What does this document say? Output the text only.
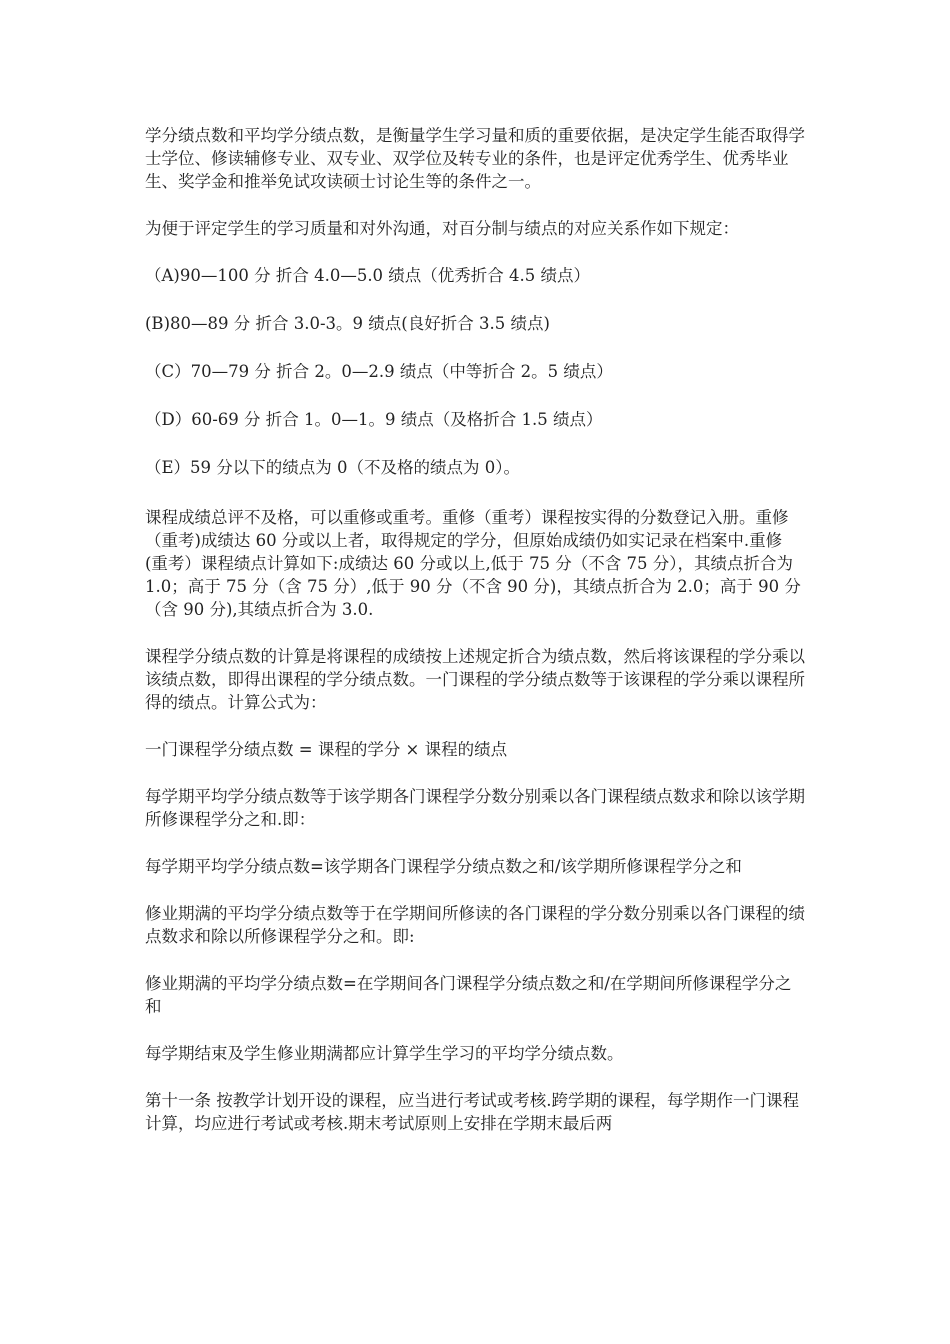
学分绩点数和平均学分绩点数，是衡量学生学习量和质的重要依据，是决定学生能否取得学士学位、修读辅修专业、双专业、双学位及转专业的条件，也是评定优秀学生、优秀毕业生、奖学金和推举免试攻读硕士讨论生等的条件之一。

为便于评定学生的学习质量和对外沟通，对百分制与绩点的对应关系作如下规定：

（A)90—100 分 折合 4.0—5.0 绩点（优秀折合 4.5 绩点）

(B)80—89 分 折合 3.0-3。9 绩点(良好折合 3.5 绩点)

（C）70—79 分 折合 2。0—2.9 绩点（中等折合 2。5 绩点）

（D）60-69 分 折合 1。0—1。9 绩点（及格折合 1.5 绩点）

（E）59 分以下的绩点为 0（不及格的绩点为 0）。

课程成绩总评不及格，可以重修或重考。重修（重考）课程按实得的分数登记入册。重修（重考)成绩达 60 分或以上者，取得规定的学分，但原始成绩仍如实记录在档案中.重修(重考）课程绩点计算如下:成绩达 60 分或以上,低于 75 分（不含 75 分），其绩点折合为 1.0；高于 75 分（含 75 分）,低于 90 分（不含 90 分)，其绩点折合为 2.0；高于 90 分（含 90 分),其绩点折合为 3.0.

课程学分绩点数的计算是将课程的成绩按上述规定折合为绩点数，然后将该课程的学分乘以该绩点数，即得出课程的学分绩点数。一门课程的学分绩点数等于该课程的学分乘以课程所得的绩点。计算公式为：

一门课程学分绩点数 = 课程的学分 × 课程的绩点

每学期平均学分绩点数等于该学期各门课程学分数分别乘以各门课程绩点数求和除以该学期所修课程学分之和.即：

每学期平均学分绩点数=该学期各门课程学分绩点数之和/该学期所修课程学分之和

修业期满的平均学分绩点数等于在学期间所修读的各门课程的学分数分别乘以各门课程的绩点数求和除以所修课程学分之和。即:

修业期满的平均学分绩点数=在学期间各门课程学分绩点数之和/在学期间所修课程学分之和

每学期结束及学生修业期满都应计算学生学习的平均学分绩点数。

第十一条 按教学计划开设的课程，应当进行考试或考核.跨学期的课程，每学期作一门课程计算，均应进行考试或考核.期末考试原则上安排在学期末最后两
